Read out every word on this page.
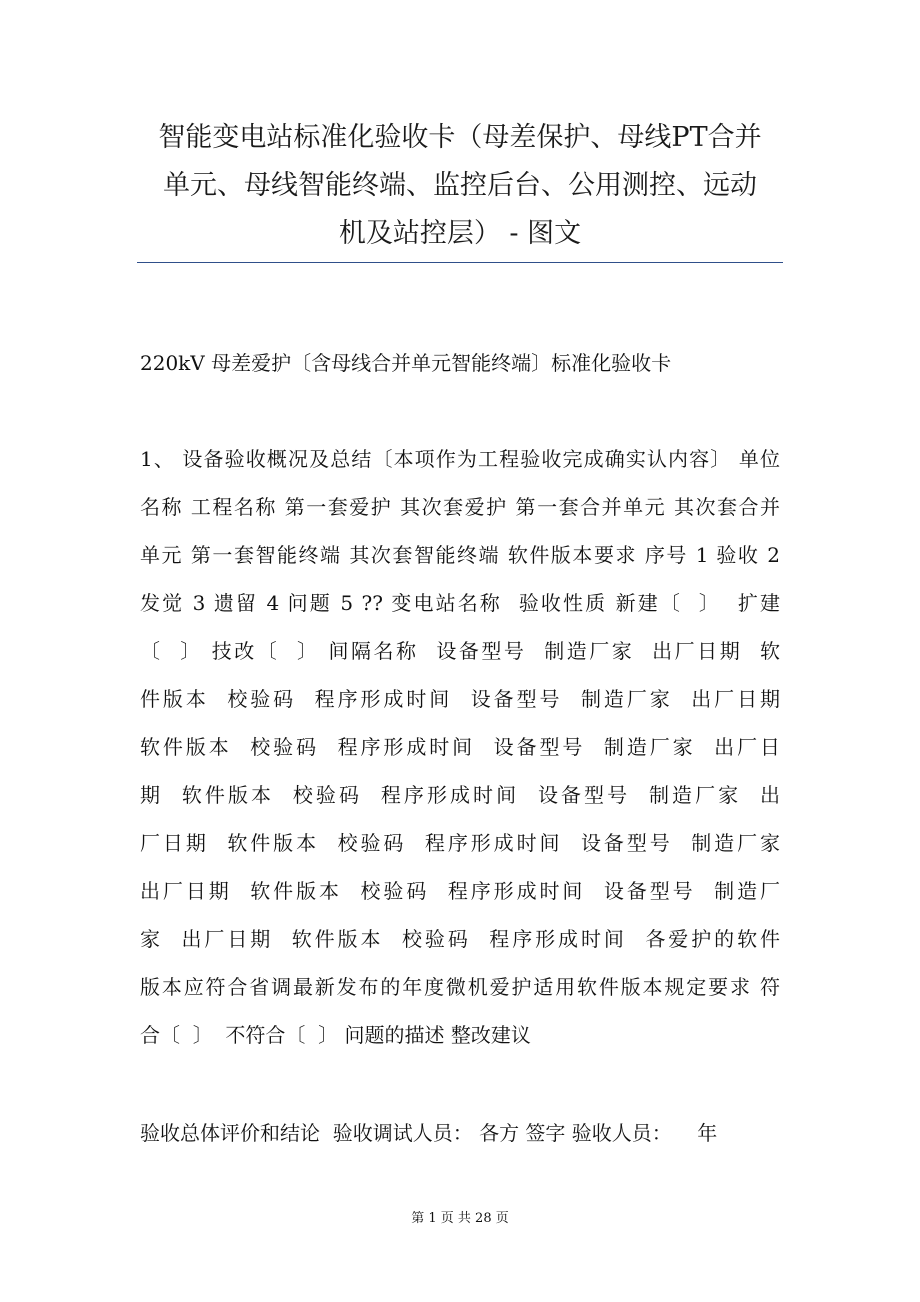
智能变电站标准化验收卡（母差保护、母线PT合并
单元、母线智能终端、监控后台、公用测控、远动
机及站控层） - 图文
220kV 母差爱护〔含母线合并单元智能终端〕标准化验收卡
1、 设备验收概况及总结〔本项作为工程验收完成确实认内容〕 单位
名称 工程名称 第一套爱护 其次套爱护 第一套合并单元 其次套合并
单元 第一套智能终端 其次套智能终端 软件版本要求 序号 1 验收 2
发觉 3 遗留 4 问题 5 ?? 变电站名称  验收性质 新建〔  〕  扩建
〔  〕 技改〔  〕 间隔名称  设备型号  制造厂家  出厂日期  软
件版本  校验码  程序形成时间  设备型号  制造厂家  出厂日期
软件版本  校验码  程序形成时间  设备型号  制造厂家  出厂日
期  软件版本  校验码  程序形成时间  设备型号  制造厂家  出
厂日期  软件版本  校验码  程序形成时间  设备型号  制造厂家
出厂日期  软件版本  校验码  程序形成时间  设备型号  制造厂
家  出厂日期  软件版本  校验码  程序形成时间  各爱护的软件
版本应符合省调最新发布的年度微机爱护适用软件版本规定要求 符
合〔  〕  不符合〔  〕 问题的描述 整改建议
验收总体评价和结论  验收调试人员： 各方 签字 验收人员：    年
第 1 页 共 28 页
